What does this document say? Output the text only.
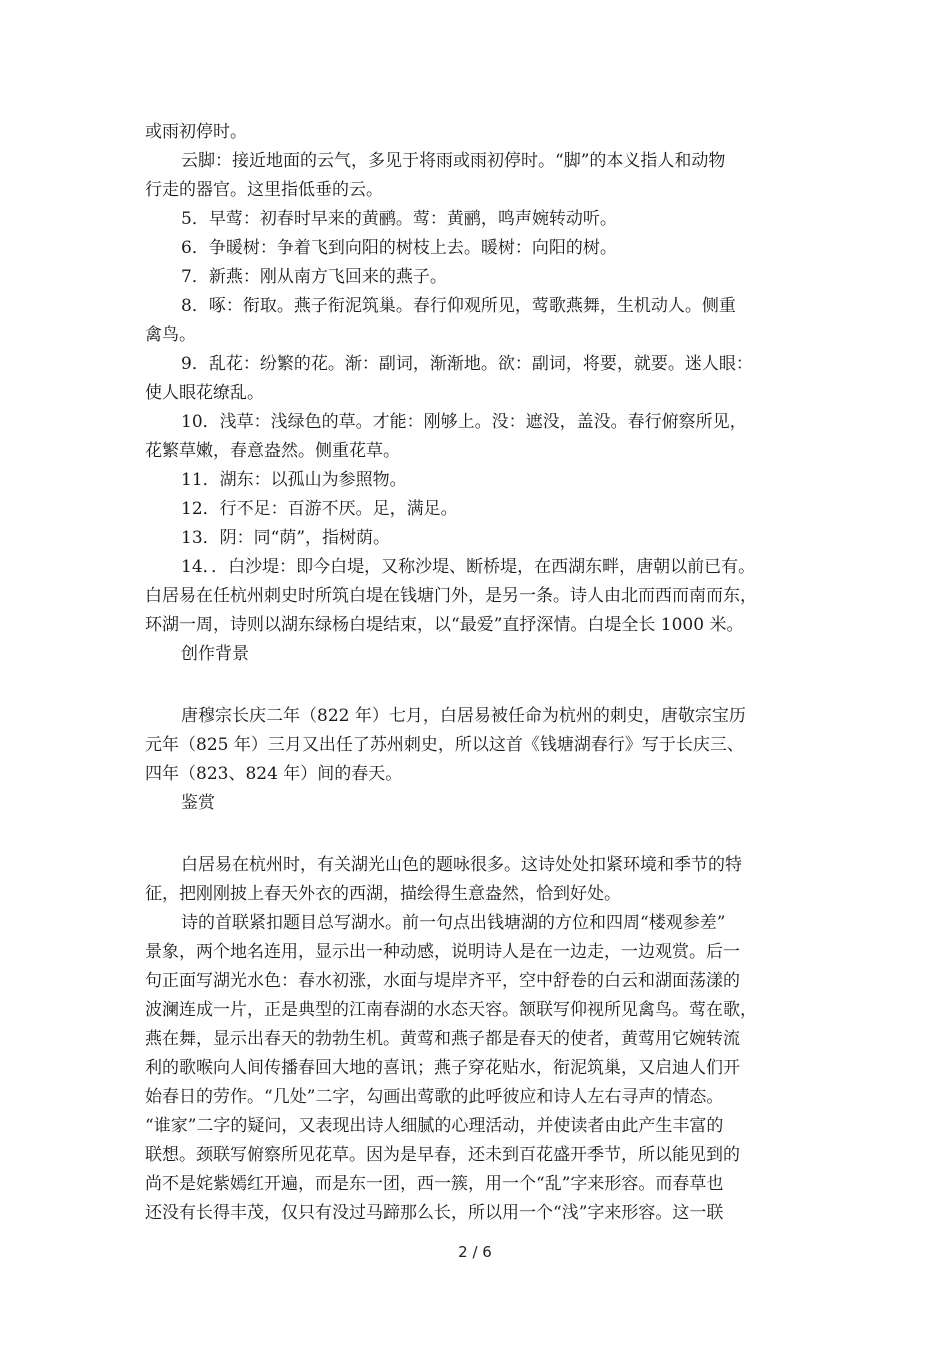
或雨初停时。
云脚：接近地面的云气，多见于将雨或雨初停时。“脚”的本义指人和动物
行走的器官。这里指低垂的云。
5．早莺：初春时早来的黄鹂。莺：黄鹂，鸣声婉转动听。
6．争暖树：争着飞到向阳的树枝上去。暖树：向阳的树。
7．新燕：刚从南方飞回来的燕子。
8．啄：衔取。燕子衔泥筑巢。春行仰观所见，莺歌燕舞，生机动人。侧重
禽鸟。
9．乱花：纷繁的花。渐：副词，渐渐地。欲：副词，将要，就要。迷人眼：
使人眼花缭乱。
10．浅草：浅绿色的草。才能：刚够上。没：遮没，盖没。春行俯察所见，
花繁草嫩，春意盎然。侧重花草。
11．湖东：以孤山为参照物。
12．行不足：百游不厌。足，满足。
13．阴：同“荫”，指树荫。
14．．白沙堤：即今白堤，又称沙堤、断桥堤，在西湖东畔，唐朝以前已有。
白居易在任杭州刺史时所筑白堤在钱塘门外，是另一条。诗人由北而西而南而东，
环湖一周，诗则以湖东绿杨白堤结束，以“最爱”直抒深情。白堤全长 1000 米。
创作背景
唐穆宗长庆二年（822 年）七月，白居易被任命为杭州的刺史，唐敬宗宝历
元年（825 年）三月又出任了苏州刺史，所以这首《钱塘湖春行》写于长庆三、
四年（823、824 年）间的春天。
鉴赏
白居易在杭州时，有关湖光山色的题咏很多。这诗处处扣紧环境和季节的特
征，把刚刚披上春天外衣的西湖，描绘得生意盎然，恰到好处。
诗的首联紧扣题目总写湖水。前一句点出钱塘湖的方位和四周“楼观参差”
景象，两个地名连用，显示出一种动感，说明诗人是在一边走，一边观赏。后一
句正面写湖光水色：春水初涨，水面与堤岸齐平，空中舒卷的白云和湖面荡漾的
波澜连成一片，正是典型的江南春湖的水态天容。颔联写仰视所见禽鸟。莺在歌，
燕在舞，显示出春天的勃勃生机。黄莺和燕子都是春天的使者，黄莺用它婉转流
利的歌喉向人间传播春回大地的喜讯；燕子穿花贴水，衔泥筑巢，又启迪人们开
始春日的劳作。“几处”二字，勾画出莺歌的此呼彼应和诗人左右寻声的情态。
“谁家”二字的疑问，又表现出诗人细腻的心理活动，并使读者由此产生丰富的
联想。颈联写俯察所见花草。因为是早春，还未到百花盛开季节，所以能见到的
尚不是姹紫嫣红开遍，而是东一团，西一簇，用一个“乱”字来形容。而春草也
还没有长得丰茂，仅只有没过马蹄那么长，所以用一个“浅”字来形容。这一联
2 / 6
